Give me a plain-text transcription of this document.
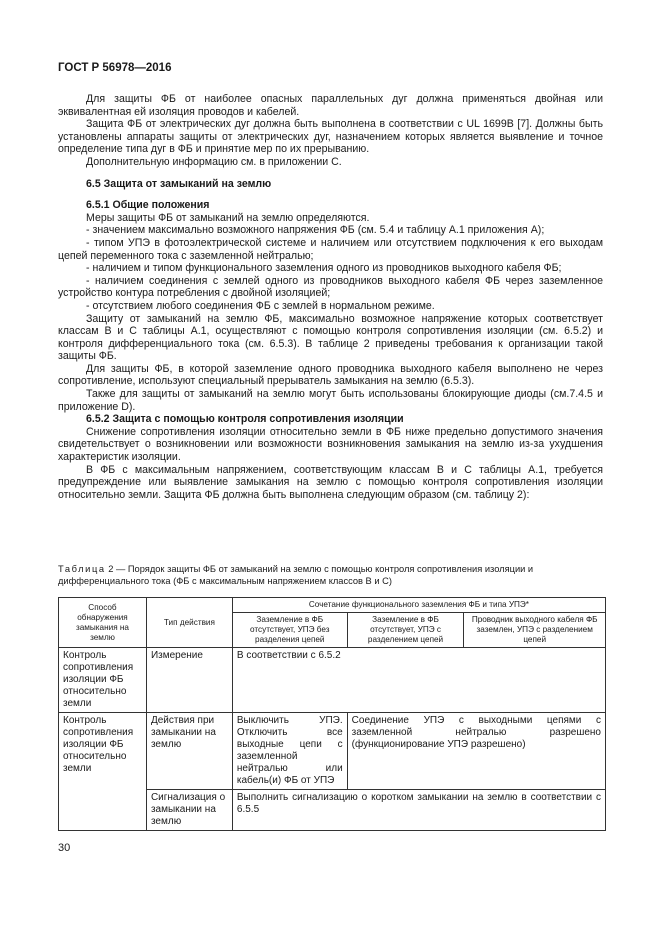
ГОСТ Р 56978—2016

Для защиты ФБ от наиболее опасных параллельных дуг должна применяться двойная или эквивалентная ей изоляция проводов и кабелей.

Защита ФБ от электрических дуг должна быть выполнена в соответствии с UL 1699В [7]. Должны быть установлены аппараты защиты от электрических дуг, назначением которых является выявление и точное определение типа дуг в ФБ и принятие мер по их прерыванию.

Дополнительную информацию см. в приложении С.

6.5 Защита от замыканий на землю
6.5.1 Общие положения

Меры защиты ФБ от замыканий на землю определяются.

- значением максимально возможного напряжения ФБ (см. 5.4 и таблицу А.1 приложения А);

- типом УПЭ в фотоэлектрической системе и наличием или отсутствием подключения к его выходам цепей переменного тока с заземленной нейтралью;

- наличием и типом функционального заземления одного из проводников выходного кабеля ФБ;

- наличием соединения с землей одного из проводников выходного кабеля ФБ через заземленное устройство контура потребления с двойной изоляцией;

- отсутствием любого соединения ФБ с землей в нормальном режиме.

Защиту от замыканий на землю ФБ, максимально возможное напряжение которых соответствует классам В и С таблицы А.1, осуществляют с помощью контроля сопротивления изоляции (см. 6.5.2) и контроля дифференциального тока (см. 6.5.3). В таблице 2 приведены требования к организации такой защиты ФБ.

Для защиты ФБ, в которой заземление одного проводника выходного кабеля выполнено не через сопротивление, используют специальный прерыватель замыкания на землю (6.5.3).

Также для защиты от замыканий на землю могут быть использованы блокирующие диоды (см.7.4.5 и приложение D).

6.5.2 Защита с помощью контроля сопротивления изоляции

Снижение сопротивления изоляции относительно земли в ФБ ниже предельно допустимого значения свидетельствует о возникновении или возможности возникновения замыкания на землю из-за ухудшения характеристик изоляции.

В ФБ с максимальным напряжением, соответствующим классам В и С таблицы А.1, требуется предупреждение или выявление замыкания на землю с помощью контроля сопротивления изоляции относительно земли. Защита ФБ должна быть выполнена следующим образом (см. таблицу 2):

Таблица 2 — Порядок защиты ФБ от замыканий на землю с помощью контроля сопротивления изоляции и дифференциального тока (ФБ с максимальным напряжением классов В и С)
Способ обнаружения замыкания на землю	Тип действия	Сочетание функционального заземления ФБ и типа УПЭ*		
		Заземление в ФБ отсутствует, УПЭ без разделения цепей	Заземление в ФБ отсутствует, УПЭ с разделением цепей	Проводник выходного кабеля ФБ заземлен, УПЭ с разделением цепей
Контроль сопротивления изоляции ФБ относительно земли	Измерение	В соответствии с 6.5.2		
Контроль сопротивления изоляции ФБ относительно земли	Действия при замыкании на землю	Выключить УПЭ. Отключить все выходные цепи с заземленной нейтралью или кабель(и) ФБ от УПЭ	Соединение УПЭ с выходными цепями с заземленной нейтралью разрешено (функционирование УПЭ разрешено)	
	Сигнализация о замыкании на землю	Выполнить сигнализацию о коротком замыкании на землю в соответствии с 6.5.5		
30
